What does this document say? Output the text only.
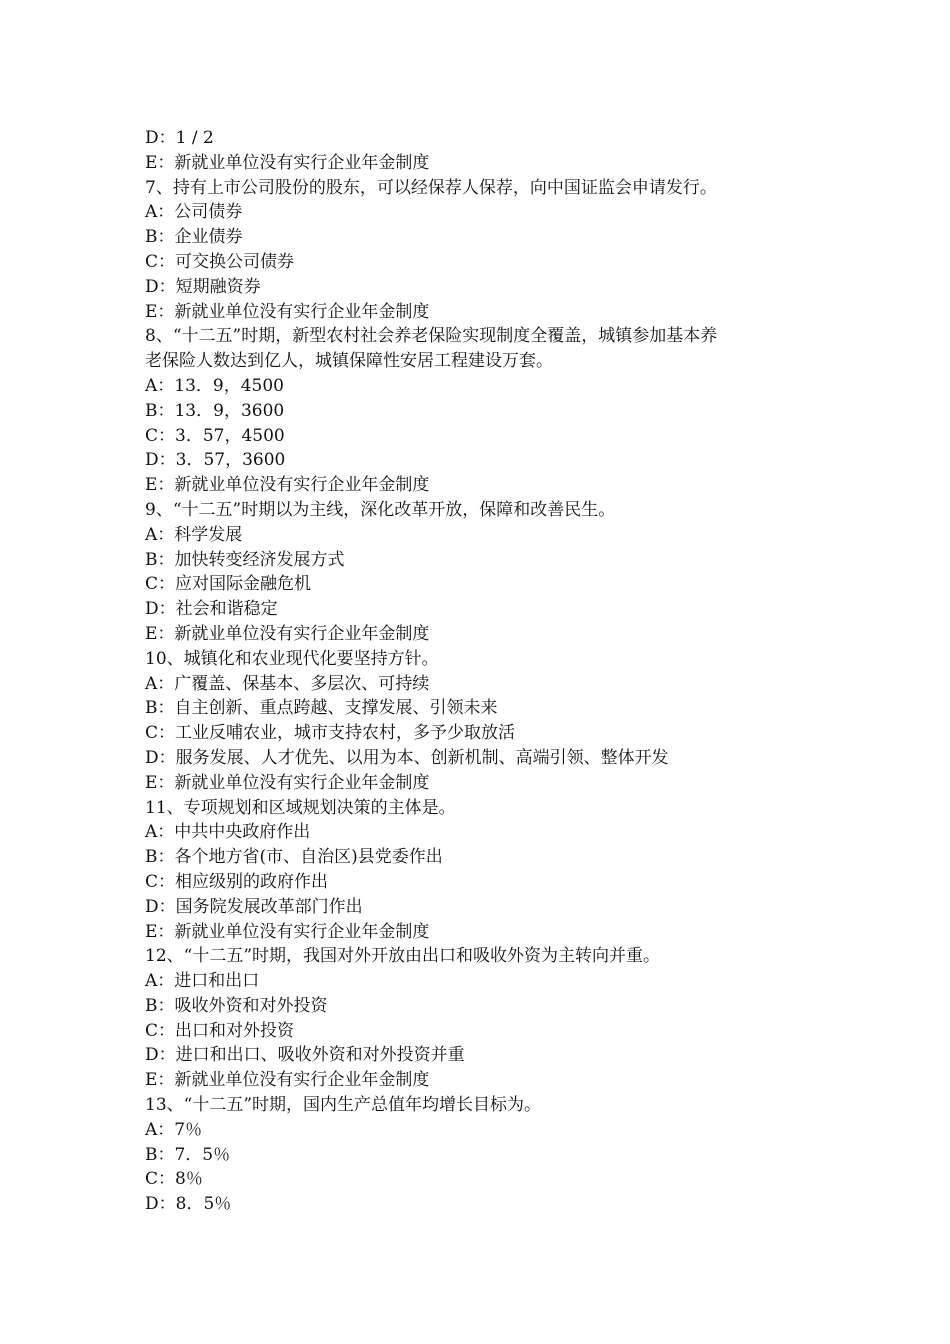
D：1 / 2
E：新就业单位没有实行企业年金制度
7、持有上市公司股份的股东，可以经保荐人保荐，向中国证监会申请发行。
A：公司债券
B：企业债券
C：可交换公司债券
D：短期融资券
E：新就业单位没有实行企业年金制度
8、“十二五”时期，新型农村社会养老保险实现制度全覆盖，城镇参加基本养
老保险人数达到亿人，城镇保障性安居工程建设万套。
A：13．9，4500
B：13．9，3600
C：3．57，4500
D：3．57，3600
E：新就业单位没有实行企业年金制度
9、“十二五”时期以为主线，深化改革开放，保障和改善民生。
A：科学发展
B：加快转变经济发展方式
C：应对国际金融危机
D：社会和谐稳定
E：新就业单位没有实行企业年金制度
10、城镇化和农业现代化要坚持方针。
A：广覆盖、保基本、多层次、可持续
B：自主创新、重点跨越、支撑发展、引领未来
C：工业反哺农业，城市支持农村，多予少取放活
D：服务发展、人才优先、以用为本、创新机制、高端引领、整体开发
E：新就业单位没有实行企业年金制度
11、专项规划和区域规划决策的主体是。
A：中共中央政府作出
B：各个地方省(市、自治区)县党委作出
C：相应级别的政府作出
D：国务院发展改革部门作出
E：新就业单位没有实行企业年金制度
12、“十二五”时期，我国对外开放由出口和吸收外资为主转向并重。
A：进口和出口
B：吸收外资和对外投资
C：出口和对外投资
D：进口和出口、吸收外资和对外投资并重
E：新就业单位没有实行企业年金制度
13、“十二五”时期，国内生产总值年均增长目标为。
A：7％
B：7．5％
C：8％
D：8．5％
